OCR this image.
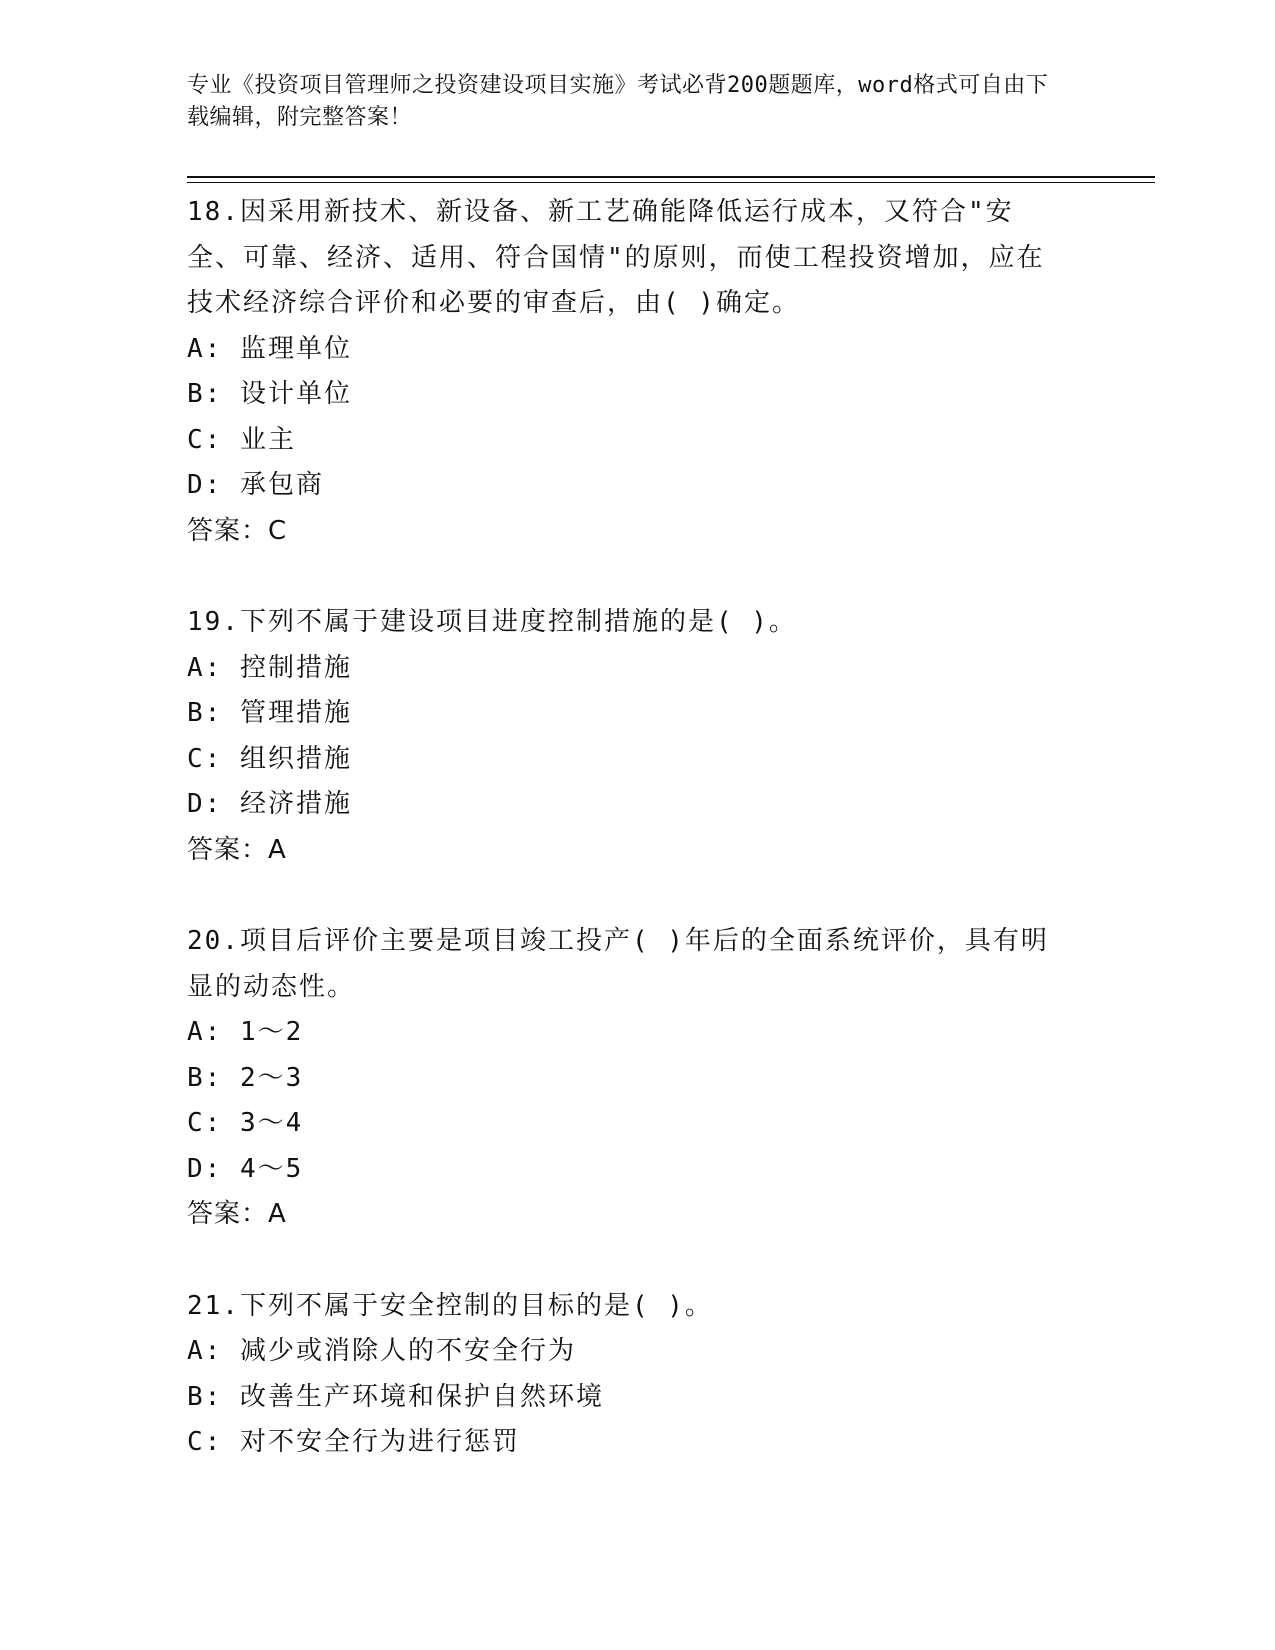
专业《投资项目管理师之投资建设项目实施》考试必背200题题库，word格式可自由下载编辑，附完整答案！
18.因采用新技术、新设备、新工艺确能降低运行成本，又符合"安全、可靠、经济、适用、符合国情"的原则，而使工程投资增加，应在技术经济综合评价和必要的审查后，由( )确定。
A: 监理单位
B: 设计单位
C: 业主
D: 承包商
答案：C
19.下列不属于建设项目进度控制措施的是( )。
A: 控制措施
B: 管理措施
C: 组织措施
D: 经济措施
答案：A
20.项目后评价主要是项目竣工投产( )年后的全面系统评价，具有明显的动态性。
A: 1～2
B: 2～3
C: 3～4
D: 4～5
答案：A
21.下列不属于安全控制的目标的是( )。
A: 减少或消除人的不安全行为
B: 改善生产环境和保护自然环境
C: 对不安全行为进行惩罚
